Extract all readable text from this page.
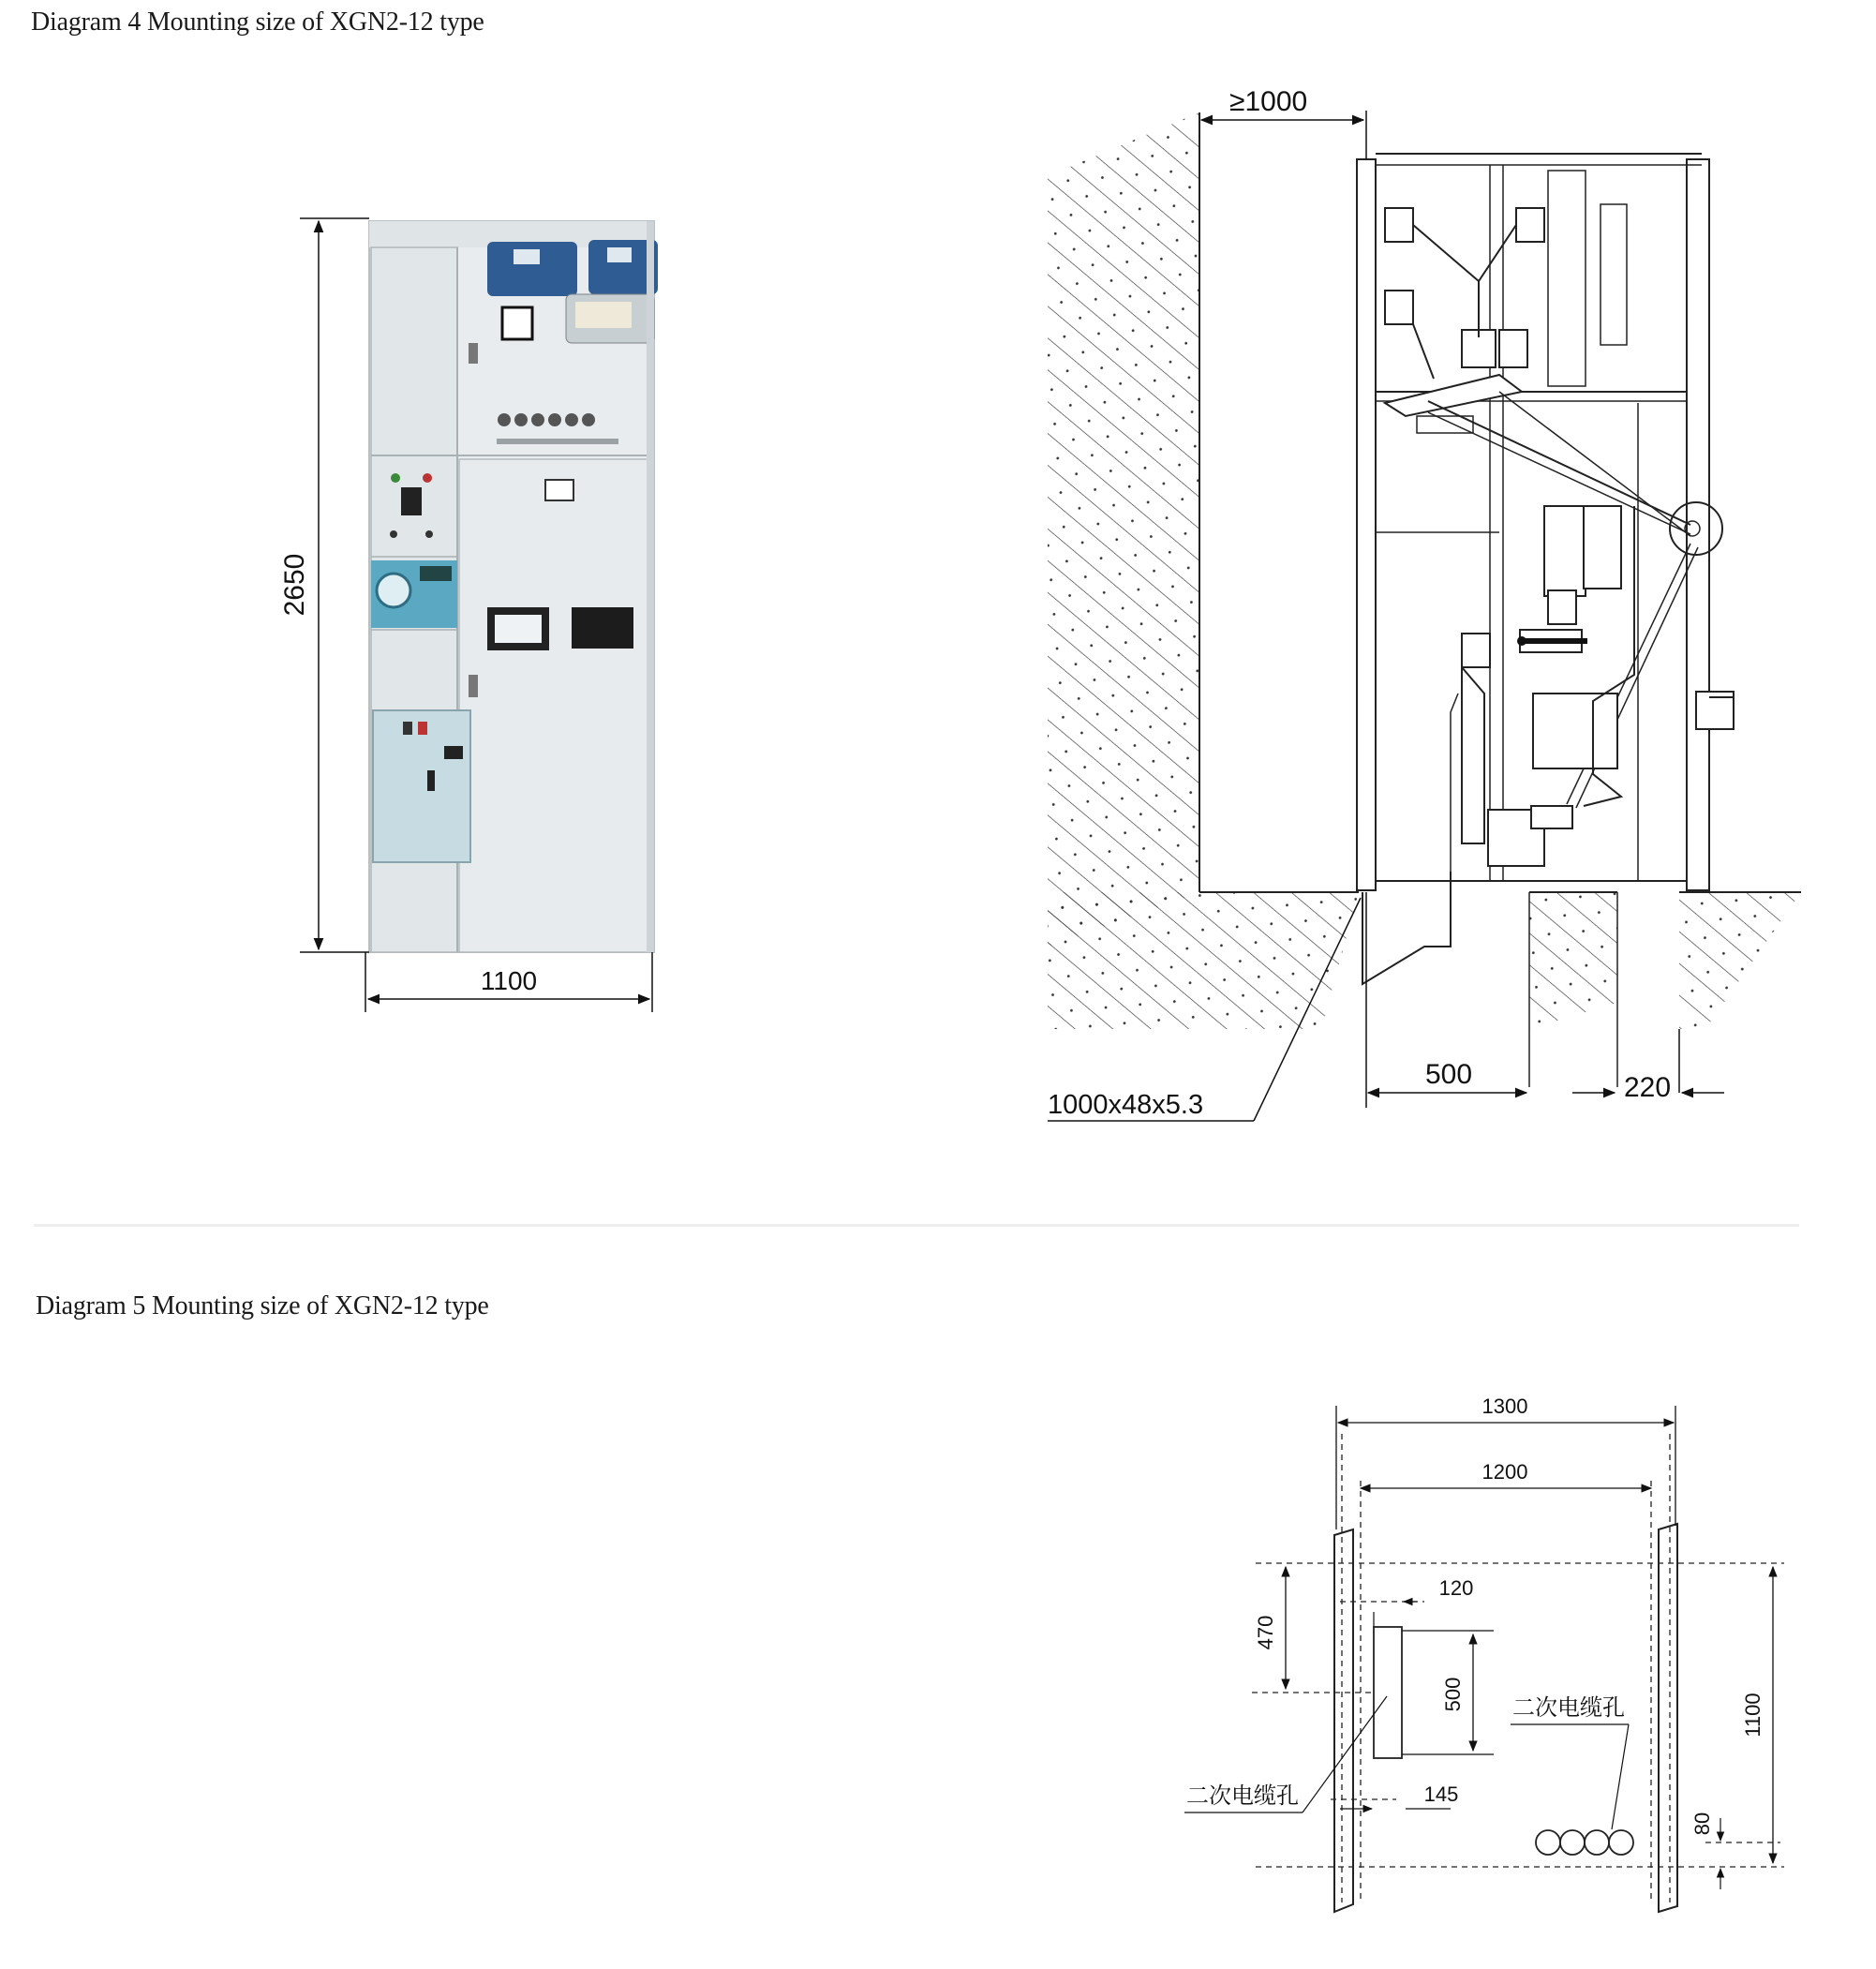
Diagram 4 Mounting size of XGN2-12 type
Diagram 5 Mounting size of XGN2-12 type
2650
1100
≥1000
500	220
1000x48x5.3
1300
1200
120
470
500
145
1100
80
二次电缆孔
二次电缆孔
